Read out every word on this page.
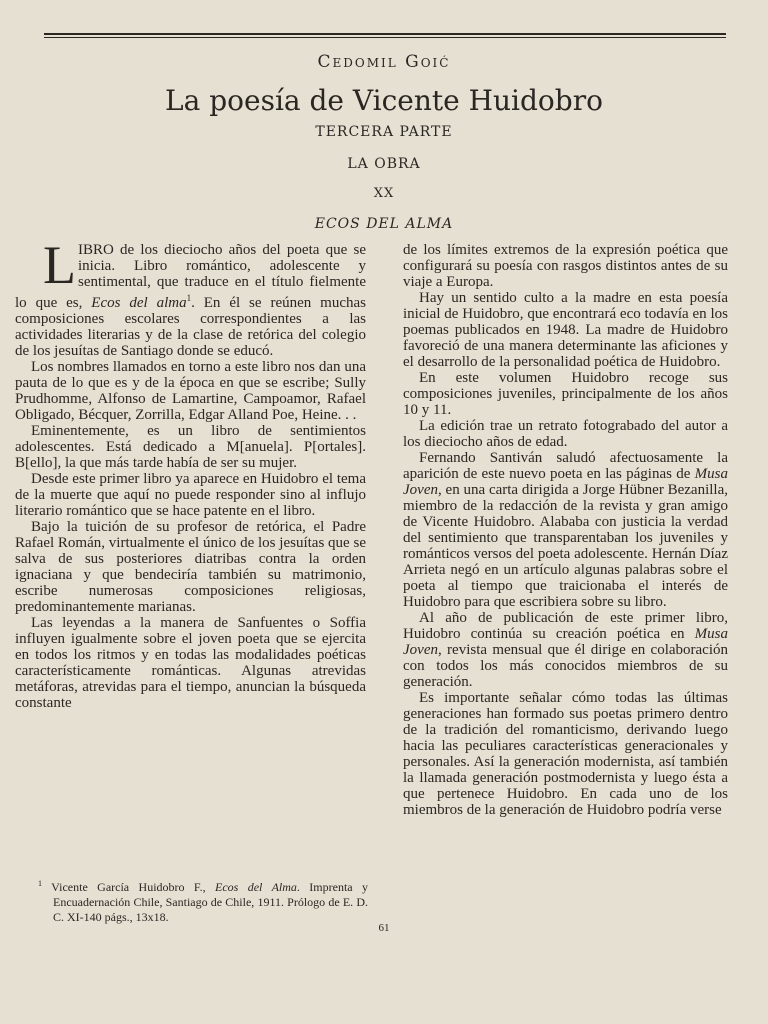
Cedomil Goić
La poesía de Vicente Huidobro
TERCERA PARTE
LA OBRA
XX
ECOS DEL ALMA

LIBRO de los dieciocho años del poeta que se inicia. Libro romántico, adolescente y sentimental, que traduce en el título fielmente lo que es, Ecos del alma$^1$. En él se reúnen muchas composiciones escolares correspondientes a las actividades literarias y de la clase de retórica del colegio de los jesuítas de Santiago donde se educó.

Los nombres llamados en torno a este libro nos dan una pauta de lo que es y de la época en que se escribe; Sully Prudhomme, Alfonso de Lamartine, Campoamor, Rafael Obligado, Bécquer, Zorrilla, Edgar Alland Poe, Heine. . .

Eminentemente, es un libro de sentimientos adolescentes. Está dedicado a M[anuela]. P[ortales]. B[ello], la que más tarde había de ser su mujer.

Desde este primer libro ya aparece en Huidobro el tema de la muerte que aquí no puede responder sino al influjo literario romántico que se hace patente en el libro.

Bajo la tuición de su profesor de retórica, el Padre Rafael Román, virtualmente el único de los jesuítas que se salva de sus posteriores diatribas contra la orden ignaciana y que bendeciría también su matrimonio, escribe numerosas composiciones religiosas, predominantemente marianas.

Las leyendas a la manera de Sanfuentes o Soffia influyen igualmente sobre el joven poeta que se ejercita en todos los ritmos y en todas las modalidades poéticas característicamente románticas. Algunas atrevidas metáforas, atrevidas para el tiempo, anuncian la búsqueda constante

de los límites extremos de la expresión poética que configurará su poesía con rasgos distintos antes de su viaje a Europa.

Hay un sentido culto a la madre en esta poesía inicial de Huidobro, que encontrará eco todavía en los poemas publicados en 1948. La madre de Huidobro favoreció de una manera determinante las aficiones y el desarrollo de la personalidad poética de Huidobro.

En este volumen Huidobro recoge sus composiciones juveniles, principalmente de los años 10 y 11.

La edición trae un retrato fotograbado del autor a los dieciocho años de edad.

Fernando Santiván saludó afectuosamente la aparición de este nuevo poeta en las páginas de Musa Joven, en una carta dirigida a Jorge Hübner Bezanilla, miembro de la redacción de la revista y gran amigo de Vicente Huidobro. Alababa con justicia la verdad del sentimiento que transparentaban los juveniles y románticos versos del poeta adolescente. Hernán Díaz Arrieta negó en un artículo algunas palabras sobre el poeta al tiempo que traicionaba el interés de Huidobro para que escribiera sobre su libro.

Al año de publicación de este primer libro, Huidobro continúa su creación poética en Musa Joven, revista mensual que él dirige en colaboración con todos los más conocidos miembros de su generación.

Es importante señalar cómo todas las últimas generaciones han formado sus poetas primero dentro de la tradición del romanticismo, derivando luego hacia las peculiares características generacionales y personales. Así la generación modernista, así también la llamada generación postmodernista y luego ésta a que pertenece Huidobro. En cada uno de los miembros de la generación de Huidobro podría verse

$^1$ Vicente García Huidobro F., Ecos del Alma. Imprenta y Encuadernación Chile, Santiago de Chile, 1911. Prólogo de E. D. C. XI-140 págs., 13x18.

61
